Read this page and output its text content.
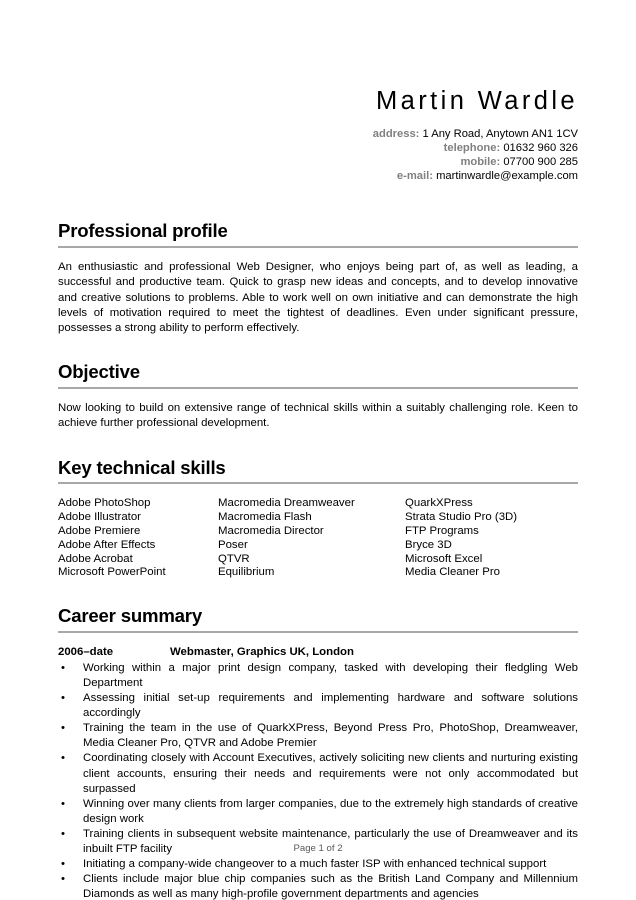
Martin Wardle
address: 1 Any Road, Anytown AN1 1CV
telephone: 01632 960 326
mobile: 07700 900 285
e-mail: martinwardle@example.com
Professional profile
An enthusiastic and professional Web Designer, who enjoys being part of, as well as leading, a successful and productive team. Quick to grasp new ideas and concepts, and to develop innovative and creative solutions to problems. Able to work well on own initiative and can demonstrate the high levels of motivation required to meet the tightest of deadlines. Even under significant pressure, possesses a strong ability to perform effectively.
Objective
Now looking to build on extensive range of technical skills within a suitably challenging role. Keen to achieve further professional development.
Key technical skills
Adobe PhotoShop	Macromedia Dreamweaver	QuarkXPress
Adobe Illustrator	Macromedia Flash	Strata Studio Pro (3D)
Adobe Premiere	Macromedia Director	FTP Programs
Adobe After Effects	Poser	Bryce 3D
Adobe Acrobat	QTVR	Microsoft Excel
Microsoft PowerPoint	Equilibrium	Media Cleaner Pro
Career summary
2006–date	Webmaster, Graphics UK, London
• Working within a major print design company, tasked with developing their fledgling Web Department
• Assessing initial set-up requirements and implementing hardware and software solutions accordingly
• Training the team in the use of QuarkXPress, Beyond Press Pro, PhotoShop, Dreamweaver, Media Cleaner Pro, QTVR and Adobe Premier
• Coordinating closely with Account Executives, actively soliciting new clients and nurturing existing client accounts, ensuring their needs and requirements were not only accommodated but surpassed
• Winning over many clients from larger companies, due to the extremely high standards of creative design work
• Training clients in subsequent website maintenance, particularly the use of Dreamweaver and its inbuilt FTP facility
• Initiating a company-wide changeover to a much faster ISP with enhanced technical support
• Clients include major blue chip companies such as the British Land Company and Millennium Diamonds as well as many high-profile government departments and agencies
Page 1 of 2
